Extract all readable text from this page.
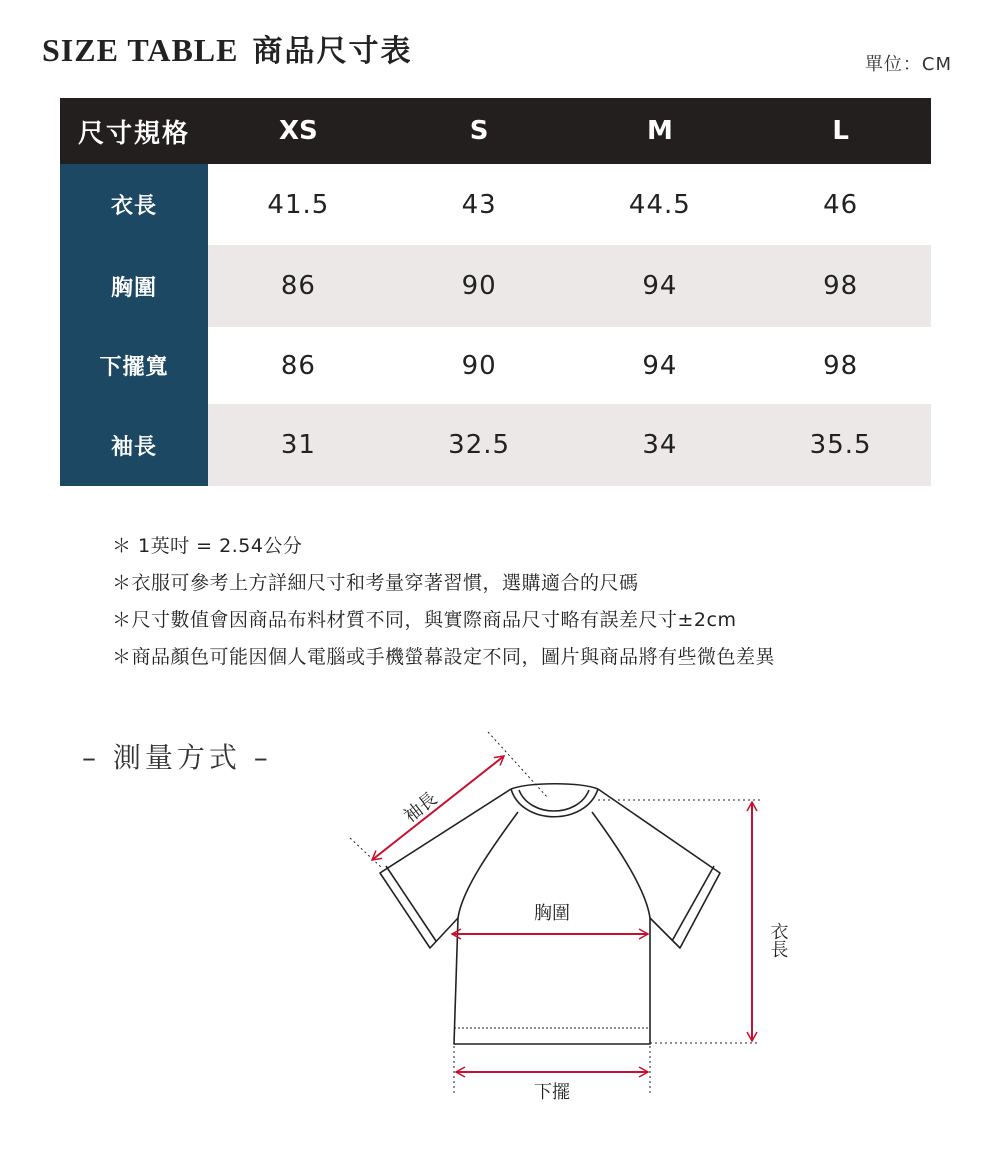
SIZE TABLE 商品尺寸表	單位：CM
尺寸規格	XS	S	M	L
衣長	41.5	43	44.5	46
胸圍	86	90	94	98
下擺寬	86	90	94	98
袖長	31	32.5	34	35.5
＊ 1英吋 = 2.54公分
＊衣服可參考上方詳細尺寸和考量穿著習慣，選購適合的尺碼
＊尺寸數值會因商品布料材質不同，與實際商品尺寸略有誤差尺寸±2cm
＊商品顏色可能因個人電腦或手機螢幕設定不同，圖片與商品將有些微色差異
– 測量方式 –
袖長
胸圍
衣長
下擺
